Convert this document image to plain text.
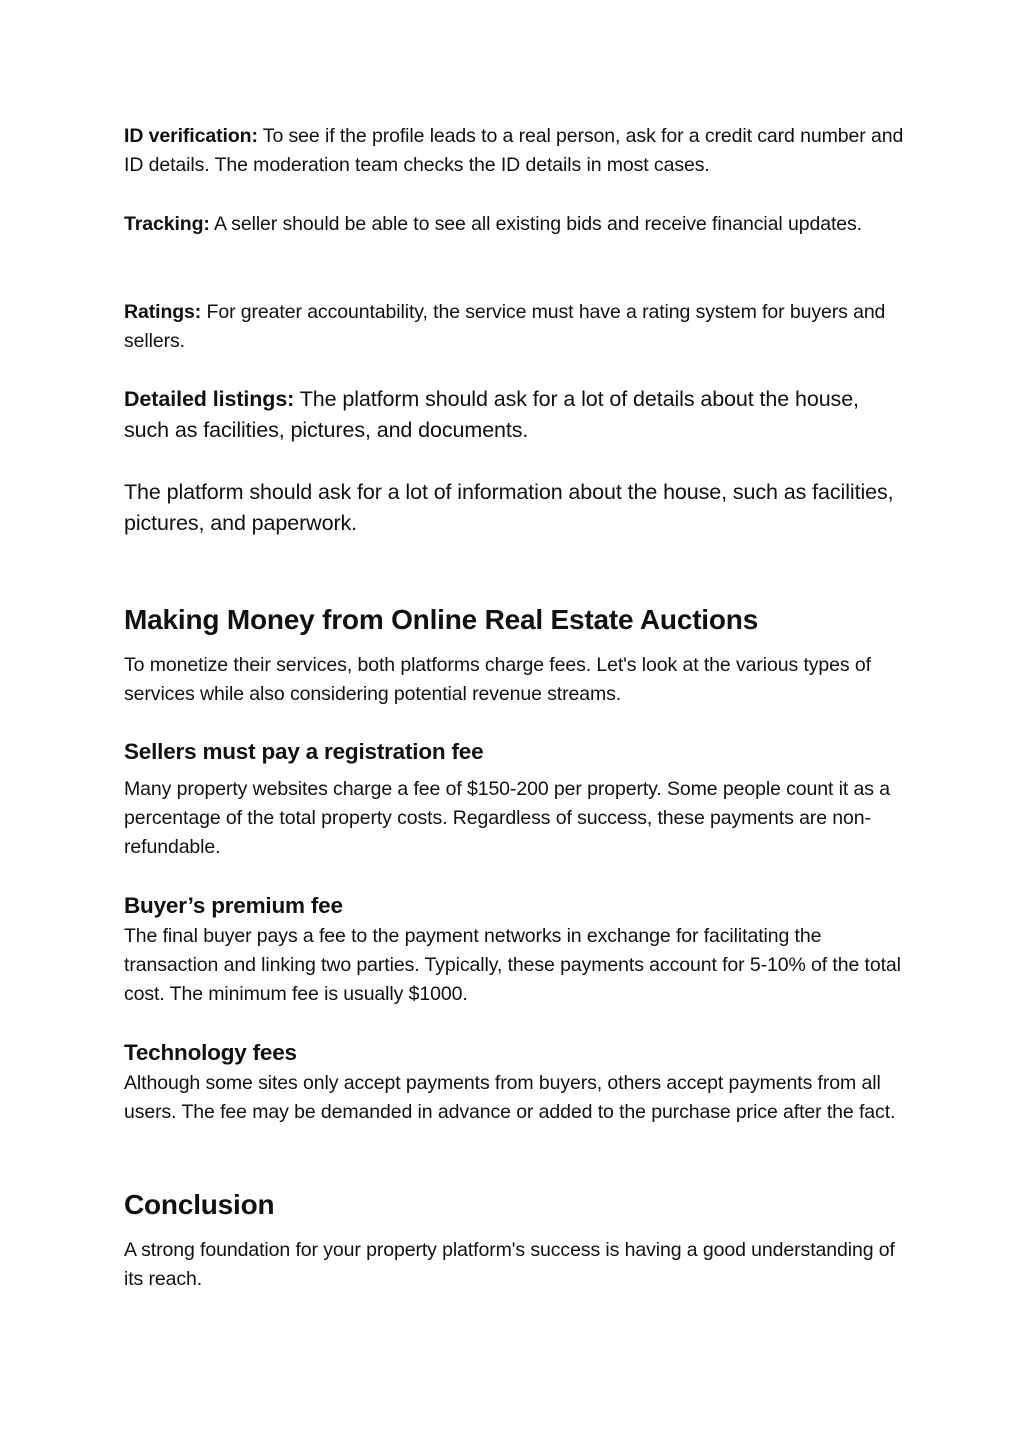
ID verification: To see if the profile leads to a real person, ask for a credit card number and ID details. The moderation team checks the ID details in most cases.

Tracking: A seller should be able to see all existing bids and receive financial updates.

Ratings: For greater accountability, the service must have a rating system for buyers and sellers.

Detailed listings: The platform should ask for a lot of details about the house, such as facilities, pictures, and documents.

The platform should ask for a lot of information about the house, such as facilities, pictures, and paperwork.

Making Money from Online Real Estate Auctions

To monetize their services, both platforms charge fees. Let's look at the various types of services while also considering potential revenue streams.

Sellers must pay a registration fee

Many property websites charge a fee of $150-200 per property. Some people count it as a percentage of the total property costs. Regardless of success, these payments are non-refundable.

Buyer’s premium fee

The final buyer pays a fee to the payment networks in exchange for facilitating the transaction and linking two parties. Typically, these payments account for 5-10% of the total cost. The minimum fee is usually $1000.

Technology fees

Although some sites only accept payments from buyers, others accept payments from all users. The fee may be demanded in advance or added to the purchase price after the fact.

Conclusion

A strong foundation for your property platform's success is having a good understanding of its reach.
